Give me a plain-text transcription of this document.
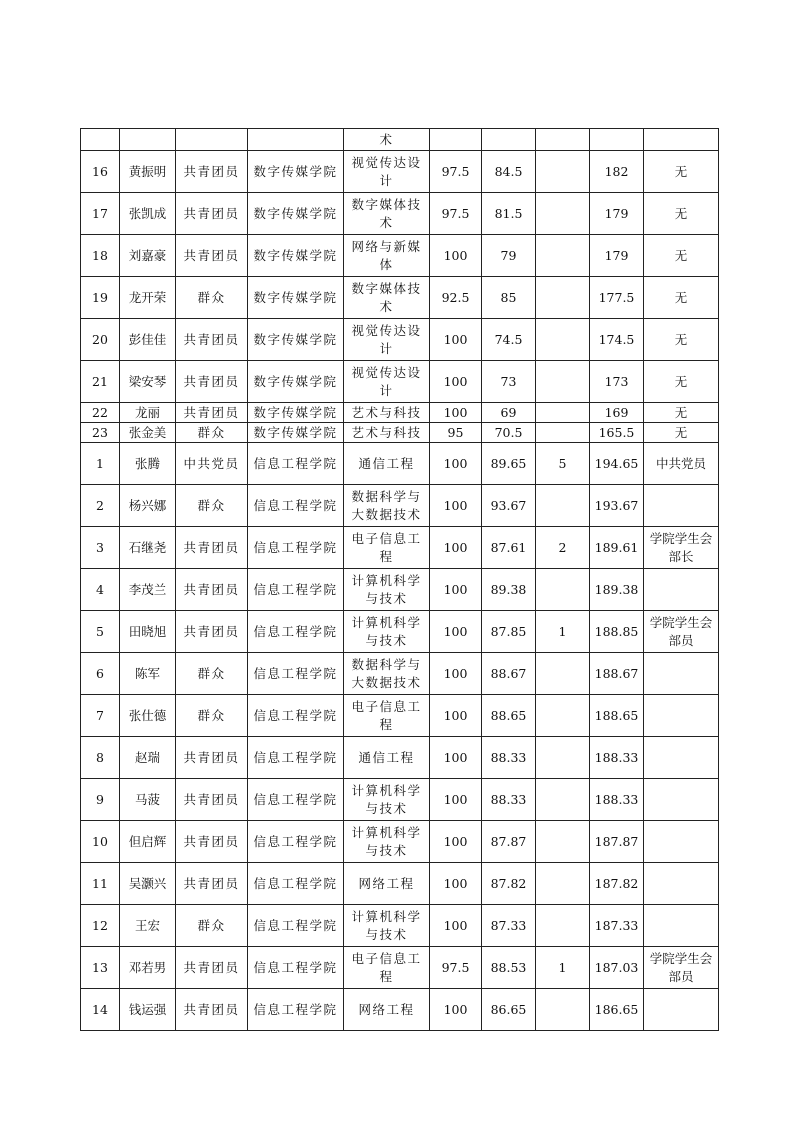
				术					
16	黄振明	共青团员	数字传媒学院	视觉传达设计	97.5	84.5		182	无
17	张凯成	共青团员	数字传媒学院	数字媒体技术	97.5	81.5		179	无
18	刘嘉豪	共青团员	数字传媒学院	网络与新媒体	100	79		179	无
19	龙开荣	群众	数字传媒学院	数字媒体技术	92.5	85		177.5	无
20	彭佳佳	共青团员	数字传媒学院	视觉传达设计	100	74.5		174.5	无
21	梁安琴	共青团员	数字传媒学院	视觉传达设计	100	73		173	无
22	龙丽	共青团员	数字传媒学院	艺术与科技	100	69		169	无
23	张金美	群众	数字传媒学院	艺术与科技	95	70.5		165.5	无
1	张腾	中共党员	信息工程学院	通信工程	100	89.65	5	194.65	中共党员
2	杨兴娜	群众	信息工程学院	数据科学与大数据技术	100	93.67		193.67	
3	石继尧	共青团员	信息工程学院	电子信息工程	100	87.61	2	189.61	学院学生会部长
4	李茂兰	共青团员	信息工程学院	计算机科学与技术	100	89.38		189.38	
5	田晓旭	共青团员	信息工程学院	计算机科学与技术	100	87.85	1	188.85	学院学生会部员
6	陈军	群众	信息工程学院	数据科学与大数据技术	100	88.67		188.67	
7	张仕德	群众	信息工程学院	电子信息工程	100	88.65		188.65	
8	赵瑞	共青团员	信息工程学院	通信工程	100	88.33		188.33	
9	马菠	共青团员	信息工程学院	计算机科学与技术	100	88.33		188.33	
10	但启辉	共青团员	信息工程学院	计算机科学与技术	100	87.87		187.87	
11	吴灏兴	共青团员	信息工程学院	网络工程	100	87.82		187.82	
12	王宏	群众	信息工程学院	计算机科学与技术	100	87.33		187.33	
13	邓若男	共青团员	信息工程学院	电子信息工程	97.5	88.53	1	187.03	学院学生会部员
14	钱运强	共青团员	信息工程学院	网络工程	100	86.65		186.65	
